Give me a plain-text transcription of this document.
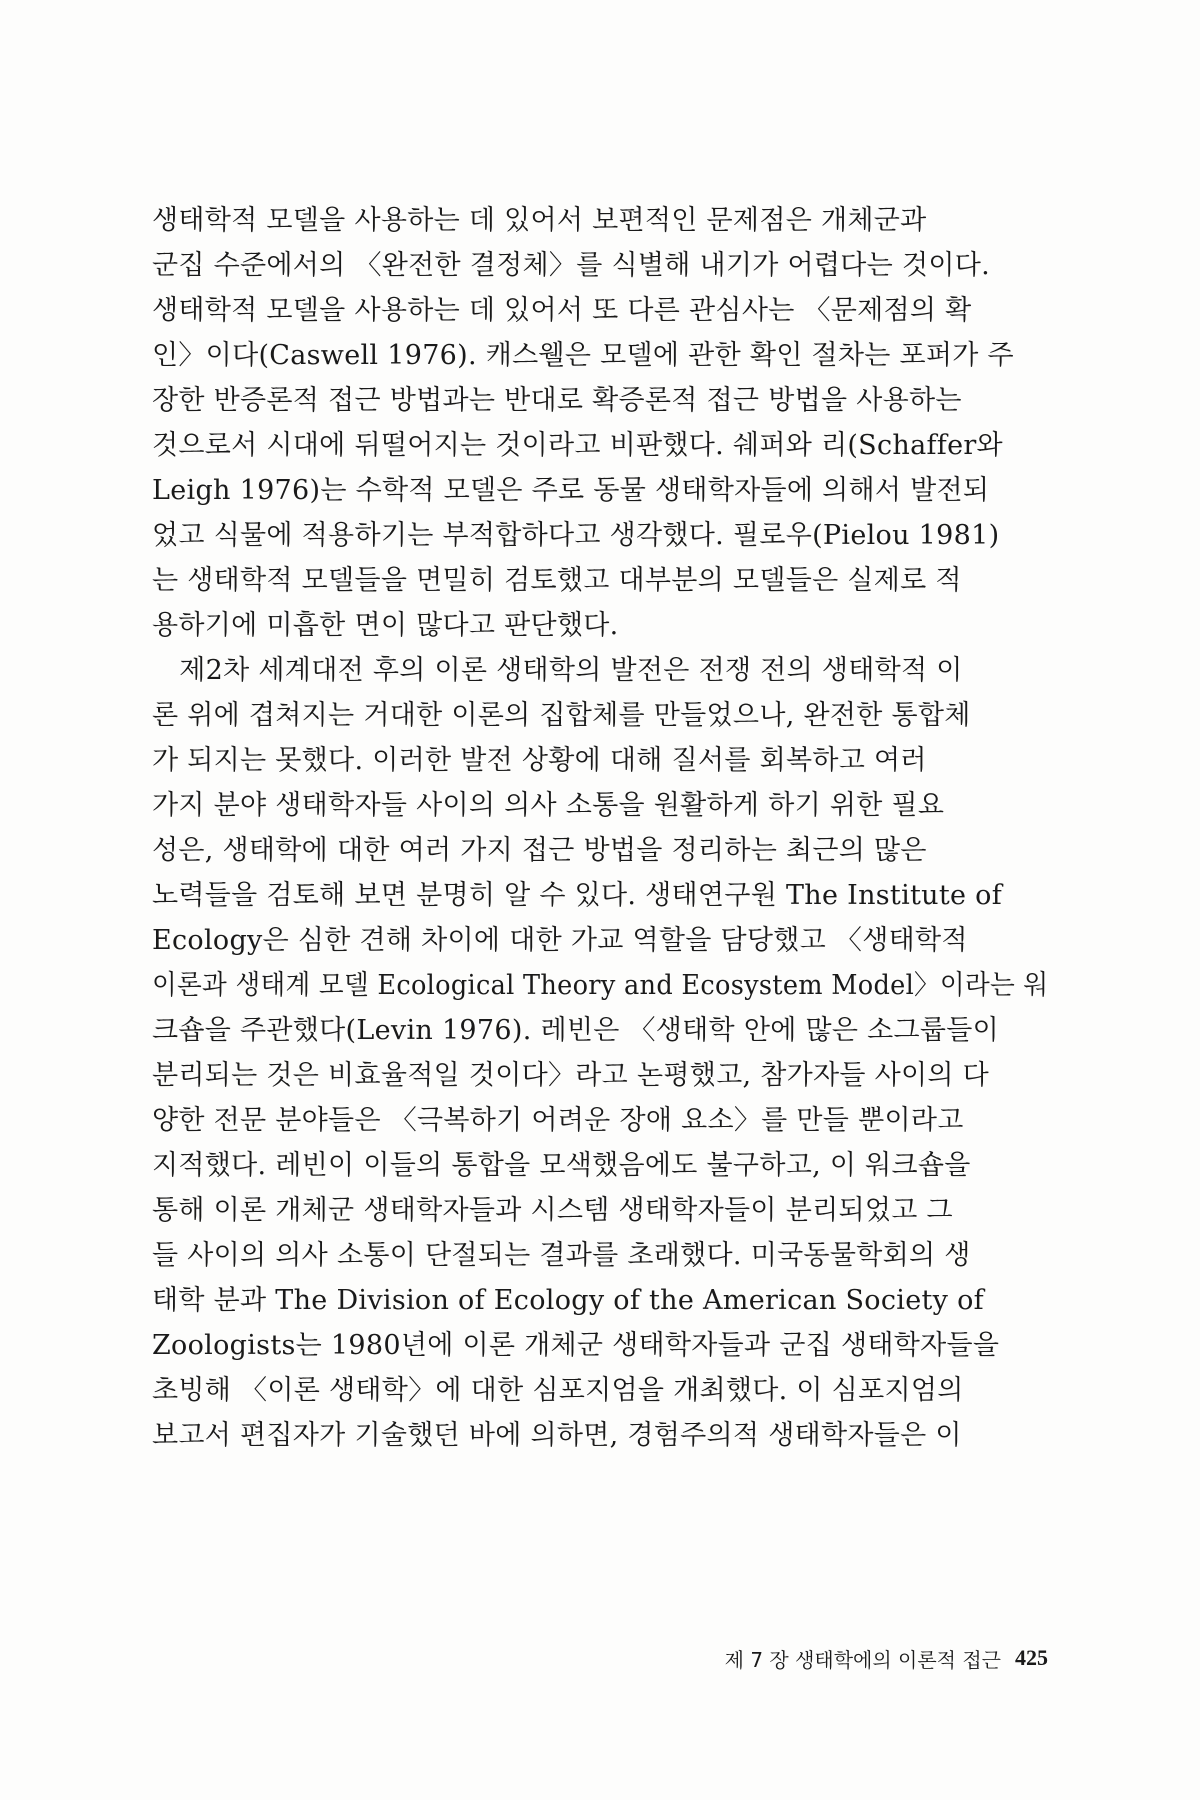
생태학적 모델을 사용하는 데 있어서 보편적인 문제점은 개체군과
군집 수준에서의 〈완전한 결정체〉를 식별해 내기가 어렵다는 것이다.
생태학적 모델을 사용하는 데 있어서 또 다른 관심사는 〈문제점의 확
인〉이다(Caswell 1976). 캐스웰은 모델에 관한 확인 절차는 포퍼가 주
장한 반증론적 접근 방법과는 반대로 확증론적 접근 방법을 사용하는
것으로서 시대에 뒤떨어지는 것이라고 비판했다. 쉐퍼와 리(Schaffer와
Leigh 1976)는 수학적 모델은 주로 동물 생태학자들에 의해서 발전되
었고 식물에 적용하기는 부적합하다고 생각했다. 필로우(Pielou 1981)
는 생태학적 모델들을 면밀히 검토했고 대부분의 모델들은 실제로 적
용하기에 미흡한 면이 많다고 판단했다.
　제2차 세계대전 후의 이론 생태학의 발전은 전쟁 전의 생태학적 이
론 위에 겹쳐지는 거대한 이론의 집합체를 만들었으나, 완전한 통합체
가 되지는 못했다. 이러한 발전 상황에 대해 질서를 회복하고 여러
가지 분야 생태학자들 사이의 의사 소통을 원활하게 하기 위한 필요
성은, 생태학에 대한 여러 가지 접근 방법을 정리하는 최근의 많은
노력들을 검토해 보면 분명히 알 수 있다. 생태연구원 The Institute of
Ecology은 심한 견해 차이에 대한 가교 역할을 담당했고 〈생태학적
이론과 생태계 모델 Ecological Theory and Ecosystem Model〉이라는 워
크숍을 주관했다(Levin 1976). 레빈은 〈생태학 안에 많은 소그룹들이
분리되는 것은 비효율적일 것이다〉라고 논평했고, 참가자들 사이의 다
양한 전문 분야들은 〈극복하기 어려운 장애 요소〉를 만들 뿐이라고
지적했다. 레빈이 이들의 통합을 모색했음에도 불구하고, 이 워크숍을
통해 이론 개체군 생태학자들과 시스템 생태학자들이 분리되었고 그
들 사이의 의사 소통이 단절되는 결과를 초래했다. 미국동물학회의 생
태학 분과 The Division of Ecology of the American Society of
Zoologists는 1980년에 이론 개체군 생태학자들과 군집 생태학자들을
초빙해 〈이론 생태학〉에 대한 심포지엄을 개최했다. 이 심포지엄의
보고서 편집자가 기술했던 바에 의하면, 경험주의적 생태학자들은 이
제 7 장 생태학에의 이론적 접근 425
